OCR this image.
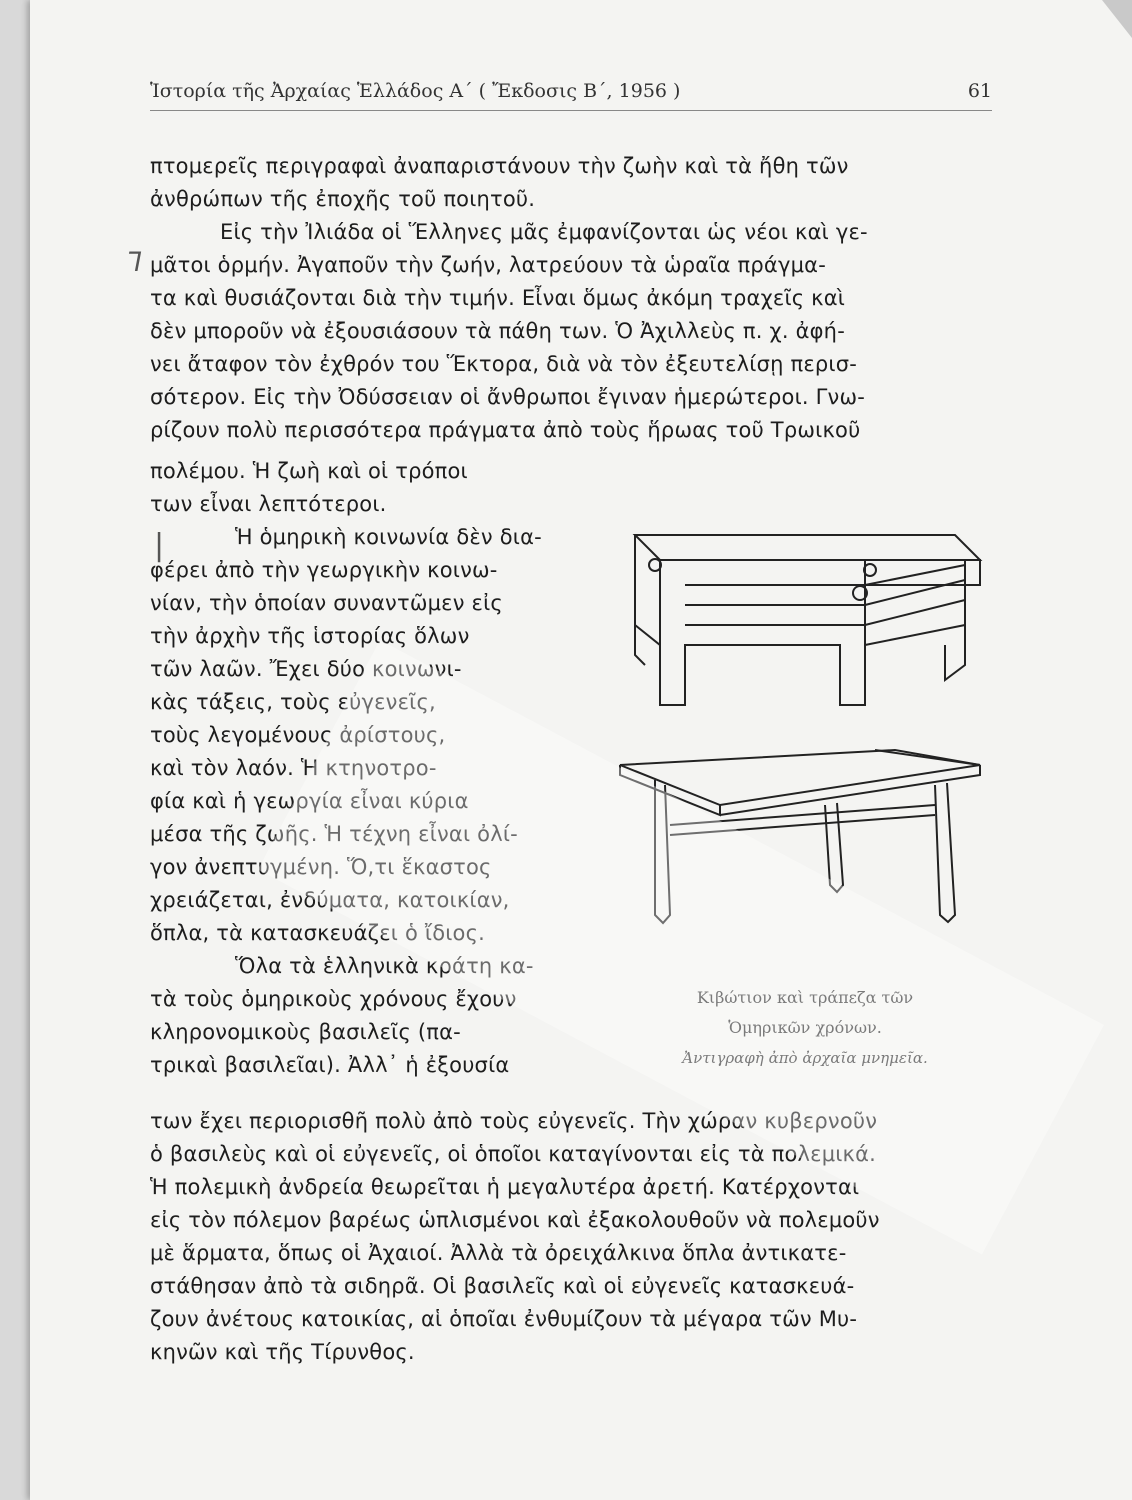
Ἱστορία τῆς Ἀρχαίας Ἑλλάδος Α΄ ( Ἔκδοσις Β΄, 1956 )	61
ᒣ
|
πτομερεῖς περιγραφαὶ ἀναπαριστάνουν τὴν ζωὴν καὶ τὰ ἤθη τῶν
ἀνθρώπων τῆς ἐποχῆς τοῦ ποιητοῦ.
Εἰς τὴν Ἰλιάδα οἱ Ἕλληνες μᾶς ἐμφανίζονται ὡς νέοι καὶ γε-
μᾶτοι ὁρμήν. Ἀγαποῦν τὴν ζωήν, λατρεύουν τὰ ὡραῖα πράγμα-
τα καὶ θυσιάζονται διὰ τὴν τιμήν. Εἶναι ὅμως ἀκόμη τραχεῖς καὶ
δὲν μποροῦν νὰ ἐξουσιάσουν τὰ πάθη των. Ὁ Ἀχιλλεὺς π. χ. ἀφή-
νει ἄταφον τὸν ἐχθρόν του Ἕκτορα, διὰ νὰ τὸν ἐξευτελίσῃ περισ-
σότερον. Εἰς τὴν Ὀδύσσειαν οἱ ἄνθρωποι ἔγιναν ἡμερώτεροι. Γνω-
ρίζουν πολὺ περισσότερα πράγματα ἀπὸ τοὺς ἥρωας τοῦ Τρωικοῦ
πολέμου. Ἡ ζωὴ καὶ οἱ τρόποι
των εἶναι λεπτότεροι.
Ἡ ὁμηρικὴ κοινωνία δὲν δια-
φέρει ἀπὸ τὴν γεωργικὴν κοινω-
νίαν, τὴν ὁποίαν συναντῶμεν εἰς
τὴν ἀρχὴν τῆς ἱστορίας ὅλων
τῶν λαῶν. Ἔχει δύο κοινωνι-
κὰς τάξεις, τοὺς εὐγενεῖς,
τοὺς λεγομένους ἀρίστους,
καὶ τὸν λαόν. Ἡ κτηνοτρο-
φία καὶ ἡ γεωργία εἶναι κύρια
μέσα τῆς ζωῆς. Ἡ τέχνη εἶναι ὀλί-
γον ἀνεπτυγμένη. Ὅ,τι ἕκαστος
χρειάζεται, ἐνδύματα, κατοικίαν,
ὅπλα, τὰ κατασκευάζει ὁ ἴδιος.
Ὅλα τὰ ἑλληνικὰ κράτη κα-
τὰ τοὺς ὁμηρικοὺς χρόνους ἔχουν
κληρονομικοὺς βασιλεῖς (πα-
τρικαὶ βασιλεῖαι). Ἀλλ᾿ ἡ ἐξουσία
Κιβώτιον καὶ τράπεζα τῶν
Ὁμηρικῶν χρόνων.
Ἀντιγραφὴ ἀπὸ ἀρχαῖα μνημεῖα.
των ἔχει περιορισθῆ πολὺ ἀπὸ τοὺς εὐγενεῖς. Τὴν χώραν κυβερνοῦν
ὁ βασιλεὺς καὶ οἱ εὐγενεῖς, οἱ ὁποῖοι καταγίνονται εἰς τὰ πολεμικά.
Ἡ πολεμικὴ ἀνδρεία θεωρεῖται ἡ μεγαλυτέρα ἀρετή. Κατέρχονται
εἰς τὸν πόλεμον βαρέως ὡπλισμένοι καὶ ἐξακολουθοῦν νὰ πολεμοῦν
μὲ ἅρματα, ὅπως οἱ Ἀχαιοί. Ἀλλὰ τὰ ὀρειχάλκινα ὅπλα ἀντικατε-
στάθησαν ἀπὸ τὰ σιδηρᾶ. Οἱ βασιλεῖς καὶ οἱ εὐγενεῖς κατασκευά-
ζουν ἀνέτους κατοικίας, αἱ ὁποῖαι ἐνθυμίζουν τὰ μέγαρα τῶν Μυ-
κηνῶν καὶ τῆς Τίρυνθος.
